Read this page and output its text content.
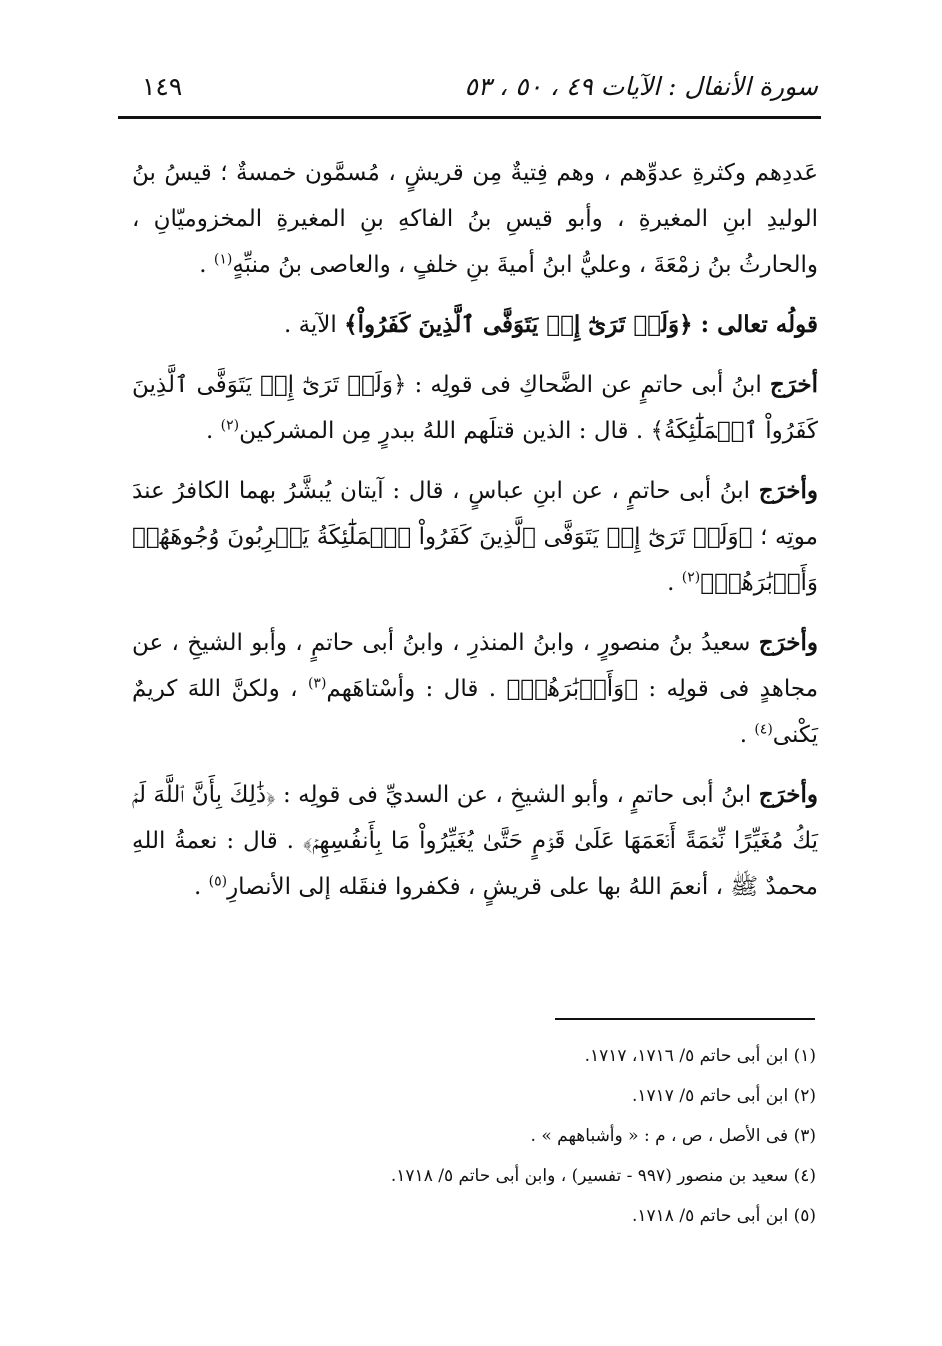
سورة الأنفال : الآيات ٤٩ ، ٥٠ ، ٥٣
١٤٩

عَددِهم وكثرةِ عدوِّهم ، وهم فِتيةٌ مِن قريشٍ ، مُسمَّون خمسةٌ ؛ قيسُ بنُ الوليدِ ابنِ المغيرةِ ، وأبو قيسِ بنُ الفاكهِ بنِ المغيرةِ المخزوميّانِ ، والحارثُ بنُ زمْعَةَ ، وعليُّ ابنُ أميةَ بنِ خلفٍ ، والعاصى بنُ منبِّهٍ$^{(١)}$ .

قولُه تعالى : ﴿وَلَوۡ تَرَىٰٓ إِذۡ يَتَوَفَّى ٱلَّذِينَ كَفَرُواْ﴾ الآية .

أخرَج ابنُ أبى حاتمٍ عن الضَّحاكِ فى قولِه : ﴿وَلَوۡ تَرَىٰٓ إِذۡ يَتَوَفَّى ٱلَّذِينَ كَفَرُواْ ٱلۡمَلَٰٓئِكَةُ﴾ . قال : الذين قتلَهم اللهُ ببدرٍ مِن المشركين$^{(٢)}$ .

وأخرَج ابنُ أبى حاتمٍ ، عن ابنِ عباسٍ ، قال : آيتان يُبشَّرُ بهما الكافرُ عندَ موتِه ؛ ﴿وَلَوۡ تَرَىٰٓ إِذۡ يَتَوَفَّى ٱلَّذِينَ كَفَرُواْ ٱلۡمَلَٰٓئِكَةُ يَضۡرِبُونَ وُجُوهَهُمۡ وَأَدۡبَٰرَهُمۡ﴾$^{(٢)}$ .

وأخرَج سعيدُ بنُ منصورٍ ، وابنُ المنذرِ ، وابنُ أبى حاتمٍ ، وأبو الشيخِ ، عن مجاهدٍ فى قولِه : ﴿وَأَدۡبَٰرَهُمۡ﴾ . قال : وأسْتاهَهم$^{(٣)}$ ، ولكنَّ اللهَ كريمٌ يَكْنى$^{(٤)}$ .

وأخرَج ابنُ أبى حاتمٍ ، وأبو الشيخِ ، عن السديِّ فى قولِه : ﴿ذَٰلِكَ بِأَنَّ ٱللَّهَ لَمۡ يَكُ مُغَيِّرًا نِّعۡمَةً أَنۡعَمَهَا عَلَىٰ قَوۡمٍ حَتَّىٰ يُغَيِّرُواْ مَا بِأَنفُسِهِمۡ﴾ . قال : نعمةُ اللهِ محمدٌ ﷺ ، أنعمَ اللهُ بها على قريشٍ ، فكفروا فنقَله إلى الأنصارِ$^{(٥)}$ .

(١) ابن أبى حاتم ٥/ ١٧١٦، ١٧١٧.
(٢) ابن أبى حاتم ٥/ ١٧١٧.
(٣) فى الأصل ، ص ، م : « وأشباههم » .
(٤) سعيد بن منصور (٩٩٧ - تفسير) ، وابن أبى حاتم ٥/ ١٧١٨.
(٥) ابن أبى حاتم ٥/ ١٧١٨.
